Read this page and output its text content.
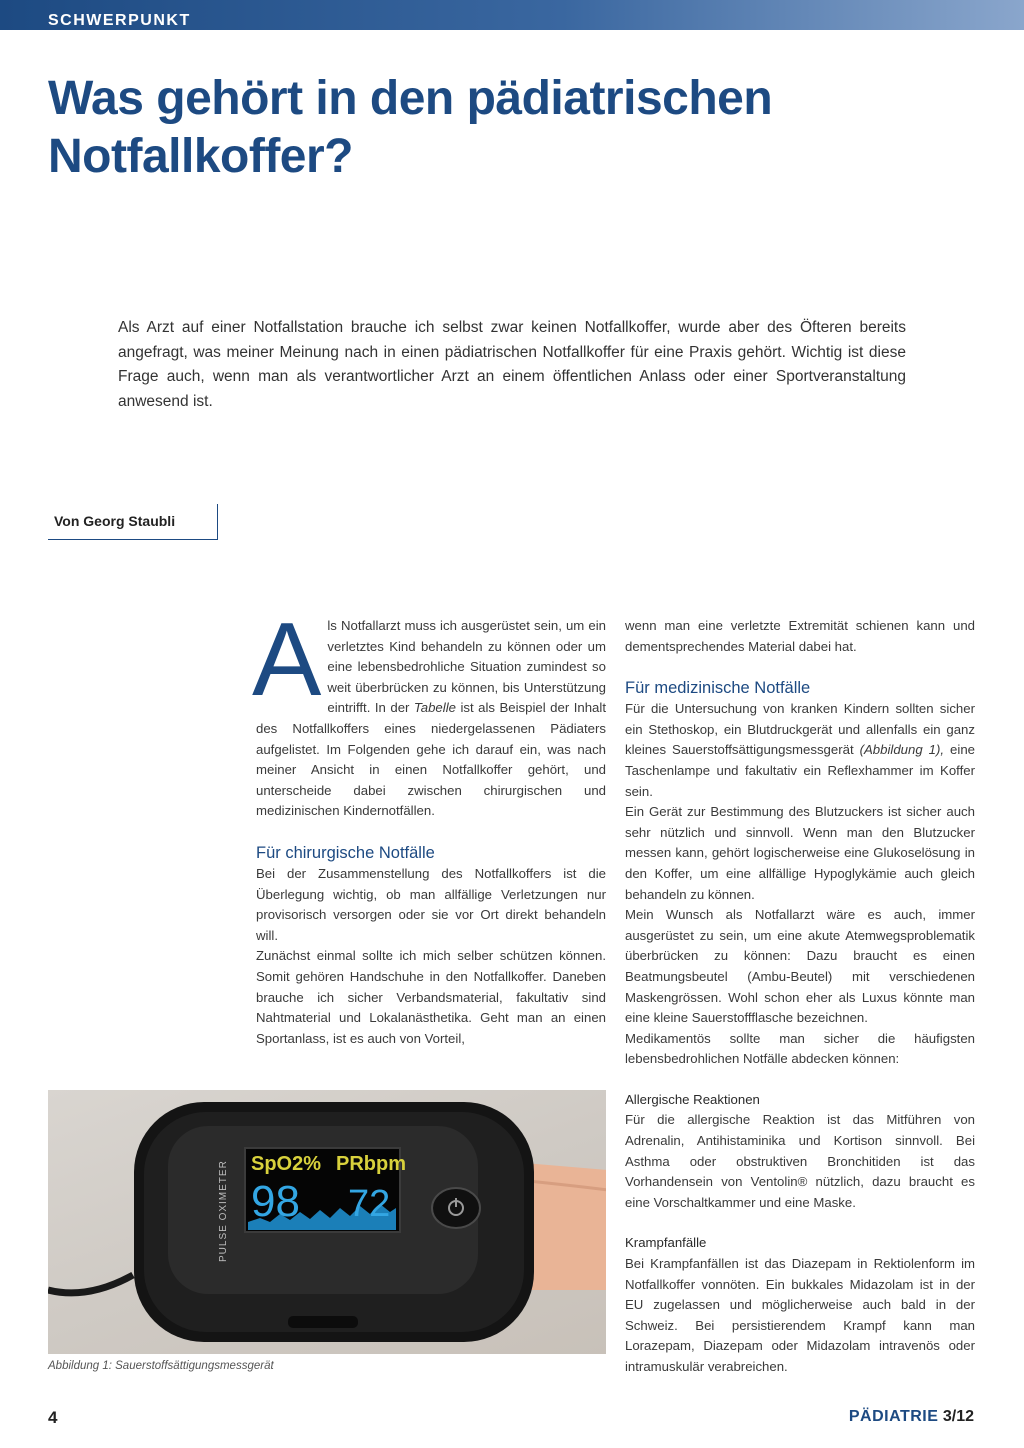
SCHWERPUNKT
Was gehört in den pädiatrischen Notfallkoffer?

Als Arzt auf einer Notfallstation brauche ich selbst zwar keinen Notfallkoffer, wurde aber des Öfteren bereits angefragt, was meiner Meinung nach in einen pädiatrischen Notfallkoffer für eine Praxis gehört. Wichtig ist diese Frage auch, wenn man als verantwortlicher Arzt an einem öffentlichen Anlass oder einer Sportveranstaltung anwesend ist.

Von Georg Staubli

Als Notfallarzt muss ich ausgerüstet sein, um ein verletztes Kind behandeln zu können oder um eine lebensbedrohliche Situation zumindest so weit überbrücken zu können, bis Unterstützung eintrifft. In der Tabelle ist als Beispiel der Inhalt des Notfallkoffers eines niedergelassenen Pädiaters aufgelistet. Im Folgenden gehe ich darauf ein, was nach meiner Ansicht in einen Notfallkoffer gehört, und unterscheide dabei zwischen chirurgischen und medizinischen Kindernotfällen.

Für chirurgische Notfälle

Bei der Zusammenstellung des Notfallkoffers ist die Überlegung wichtig, ob man allfällige Verletzungen nur provisorisch versorgen oder sie vor Ort direkt behandeln will.

Zunächst einmal sollte ich mich selber schützen können. Somit gehören Handschuhe in den Notfallkoffer. Daneben brauche ich sicher Verbandsmaterial, fakultativ sind Nahtmaterial und Lokalanästhetika. Geht man an einen Sportanlass, ist es auch von Vorteil,

wenn man eine verletzte Extremität schienen kann und dementsprechendes Material dabei hat.

Für medizinische Notfälle

Für die Untersuchung von kranken Kindern sollten sicher ein Stethoskop, ein Blutdruckgerät und allenfalls ein ganz kleines Sauerstoffsättigungsmessgerät (Abbildung 1), eine Taschenlampe und fakultativ ein Reflexhammer im Koffer sein.

Ein Gerät zur Bestimmung des Blutzuckers ist sicher auch sehr nützlich und sinnvoll. Wenn man den Blutzucker messen kann, gehört logischerweise eine Glukoselösung in den Koffer, um eine allfällige Hypoglykämie auch gleich behandeln zu können.

Mein Wunsch als Notfallarzt wäre es auch, immer ausgerüstet zu sein, um eine akute Atemwegsproblematik überbrücken zu können: Dazu braucht es einen Beatmungsbeutel (Ambu-Beutel) mit verschiedenen Maskengrössen. Wohl schon eher als Luxus könnte man eine kleine Sauerstoffflasche bezeichnen.

Medikamentös sollte man sicher die häufigsten lebensbedrohlichen Notfälle abdecken können:

Allergische Reaktionen

Für die allergische Reaktion ist das Mitführen von Adrenalin, Antihistaminika und Kortison sinnvoll. Bei Asthma oder obstruktiven Bronchitiden ist das Vorhandensein von Ventolin® nützlich, dazu braucht es eine Vorschaltkammer und eine Maske.

Krampfanfälle

Bei Krampfanfällen ist das Diazepam in Rektiolenform im Notfallkoffer vonnöten. Ein bukkales Midazolam ist in der EU zugelassen und möglicherweise auch bald in der Schweiz. Bei persistierendem Krampf kann man Lorazepam, Diazepam oder Midazolam intravenös oder intramuskulär verabreichen.

SpO2% PRbpm
98 72
PULSE OXIMETER
Abbildung 1: Sauerstoffsättigungsmessgerät
4	PÄDIATRIE 3/12
